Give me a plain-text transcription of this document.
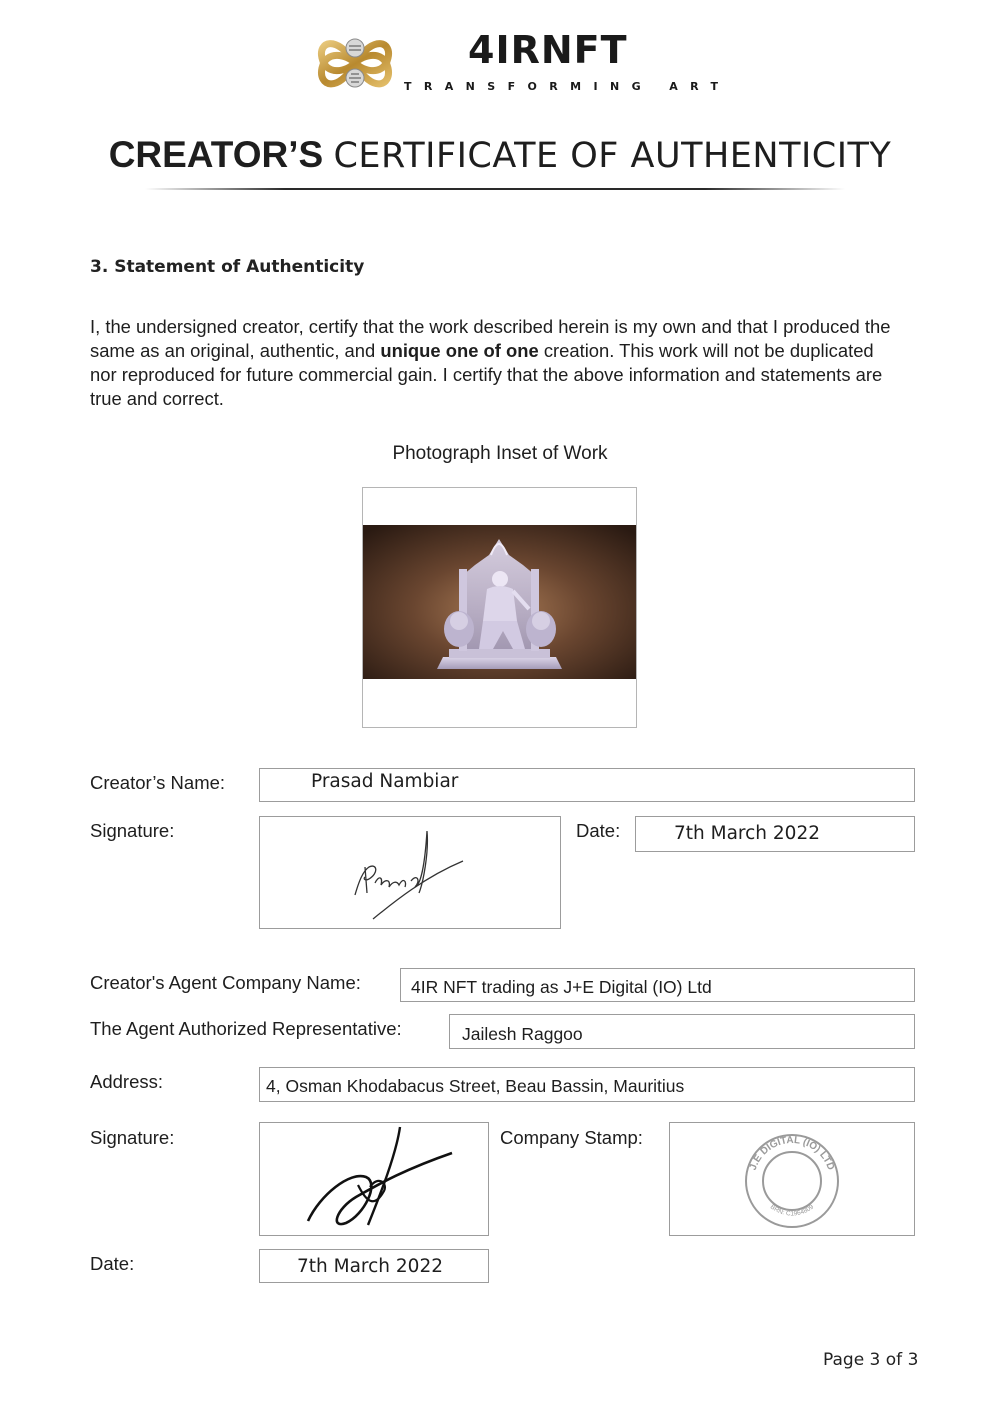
4IRNFT
TRANSFORMING ART
CREATOR’S CERTIFICATE OF AUTHENTICITY
3. Statement of Authenticity
I, the undersigned creator, certify that the work described herein is my own and that I produced the same as an original, authentic, and unique one of one creation. This work will not be duplicated nor reproduced for future commercial gain. I certify that the above information and statements are true and correct.
Photograph Inset of Work
Creator’s Name:	Prasad Nambiar
Signature:	Date:	7th March 2022
Creator's Agent Company Name:	4IR NFT trading as J+E Digital (IO) Ltd
The Agent Authorized Representative:	Jailesh Raggoo
Address:	4, Osman Khodabacus Street, Beau Bassin, Mauritius
Signature:	Company Stamp:
J.E DIGITAL (IO) LTD
BRN: C1964809
Date:	7th March 2022
Page 3 of 3
